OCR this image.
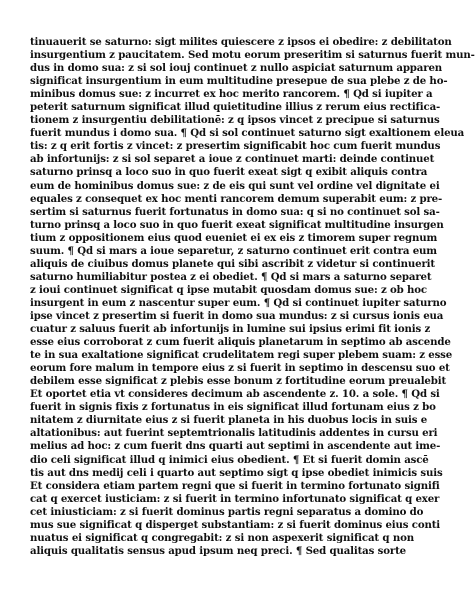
tinuauerit se saturno: sigt milites quiescere z ipsos ei obedire: z debilitaton
insurgentium z paucitatem. Sed motu eorum preseritim si saturnus fuerit mun-
dus in domo sua: z si sol iouj continuet z nullo aspiciat saturnum apparen
significat insurgentium in eum multitudine presepue de sua plebe z de ho-
minibus domus sue: z incurret ex hoc merito rancorem. ¶ Qd si iupiter a
peterit saturnum significat illud quietitudine illius z rerum eius rectifica-
tionem z insurgentiu debilitationē: z q ipsos vincet z precipue si saturnus
fuerit mundus i domo sua. ¶ Qd si sol continuet saturno sigt exaltionem eleua
tis: z q erit fortis z vincet: z presertim significabit hoc cum fuerit mundus
ab infortunijs: z si sol separet a ioue z continuet marti: deinde continuet
saturno prinsq a loco suo in quo fuerit exeat sigt q exibit aliquis contra
eum de hominibus domus sue: z de eis qui sunt vel ordine vel dignitate ei
equales z consequet ex hoc menti rancorem demum superabit eum: z pre-
sertim si saturnus fuerit fortunatus in domo sua: q si no continuet sol sa-
turno prinsq a loco suo in quo fuerit exeat significat multitudine insurgen
tium z oppositionem eius quod eueniet ei ex eis z timorem super regnum
suum. ¶ Qd si mars a ioue separetur, z saturno continuet erit contra eum
aliquis de ciuibus domus planete qui sibi ascribit z videtur si continuerit
saturno humiliabitur postea z ei obediet. ¶ Qd si mars a saturno separet
z ioui continuet significat q ipse mutabit quosdam domus sue: z ob hoc
insurgent in eum z nascentur super eum. ¶ Qd si continuet iupiter saturno
ipse vincet z presertim si fuerit in domo sua mundus: z si cursus ionis eua
cuatur z saluus fuerit ab infortunijs in lumine sui ipsius erimi fit ionis z
esse eius corroborat z cum fuerit aliquis planetarum in septimo ab ascende
te in sua exaltatione significat crudelitatem regi super plebem suam: z esse
eorum fore malum in tempore eius z si fuerit in septimo in descensu suo et
debilem esse significat z plebis esse bonum z fortitudine eorum preualebit
Et oportet etia vt consideres decimum ab ascendente z. 10. a sole. ¶ Qd si
fuerit in signis fixis z fortunatus in eis significat illud fortunam eius z bo
nitatem z diurnitate eius z si fuerit planeta in his duobus locis in suis e
altationibus: aut fuerint septemtrionalis latitudinis addentes in cursu eri
melius ad hoc: z cum fuerit dns quarti aut septimi in ascendente aut ime-
dio celi significat illud q inimici eius obedient. ¶ Et si fuerit domin ascē
tis aut dns medij celi i quarto aut septimo sigt q ipse obediet inimicis suis
Et considera etiam partem regni que si fuerit in termino fortunato signifi
cat q exercet iusticiam: z si fuerit in termino infortunato significat q exer
cet iniusticiam: z si fuerit dominus partis regni separatus a domino do
mus sue significat q disperget substantiam: z si fuerit dominus eius conti
nuatus ei significat q congregabit: z si non aspexerit significat q non
aliquis qualitatis sensus apud ipsum neq preci. ¶ Sed qualitas sorte
